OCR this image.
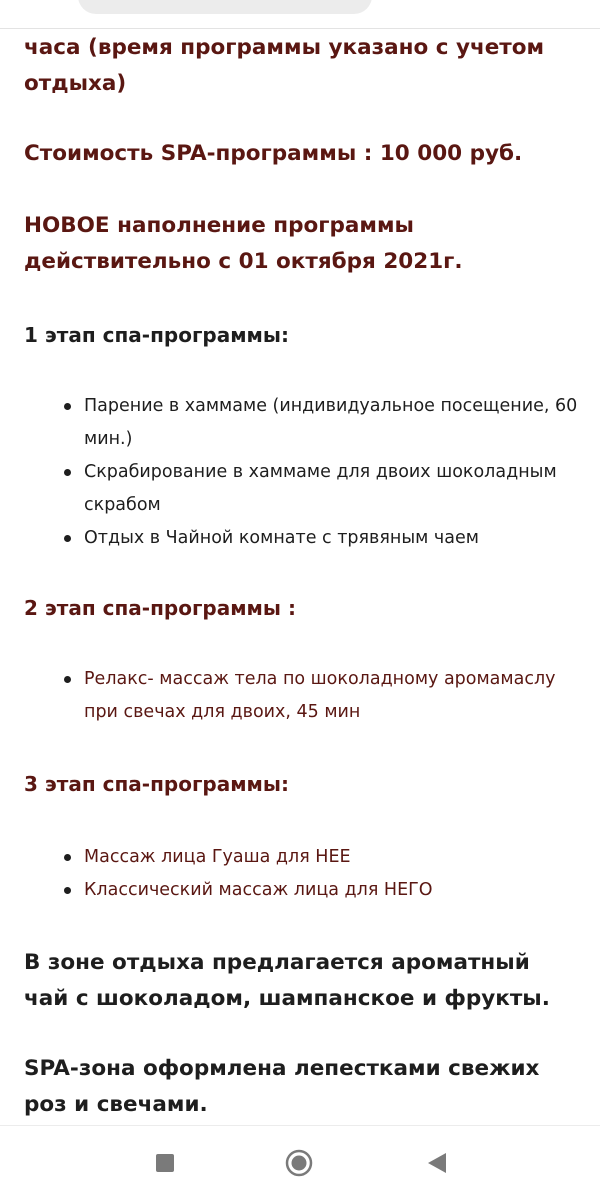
часа (время программы указано с учетом отдыха)

Стоимость SPA-программы : 10 000 руб.

НОВОЕ наполнение программы действительно с 01 октября 2021г.

1 этап спа-программы:

Парение в хаммаме (индивидуальное посещение, 60 мин.)
Скрабирование в хаммаме для двоих шоколадным скрабом
Отдых в Чайной комнате с трявяным чаем

2 этап спа-программы :

Релакс- массаж тела по шоколадному аромамаслу при свечах для двоих, 45 мин

3 этап спа-программы:

Массаж лица Гуаша для НЕЕ
Классический массаж лица для НЕГО

В зоне отдыха предлагается ароматный чай с шоколадом, шампанское и фрукты.

SPA-зона оформлена лепестками свежих роз и свечами.
